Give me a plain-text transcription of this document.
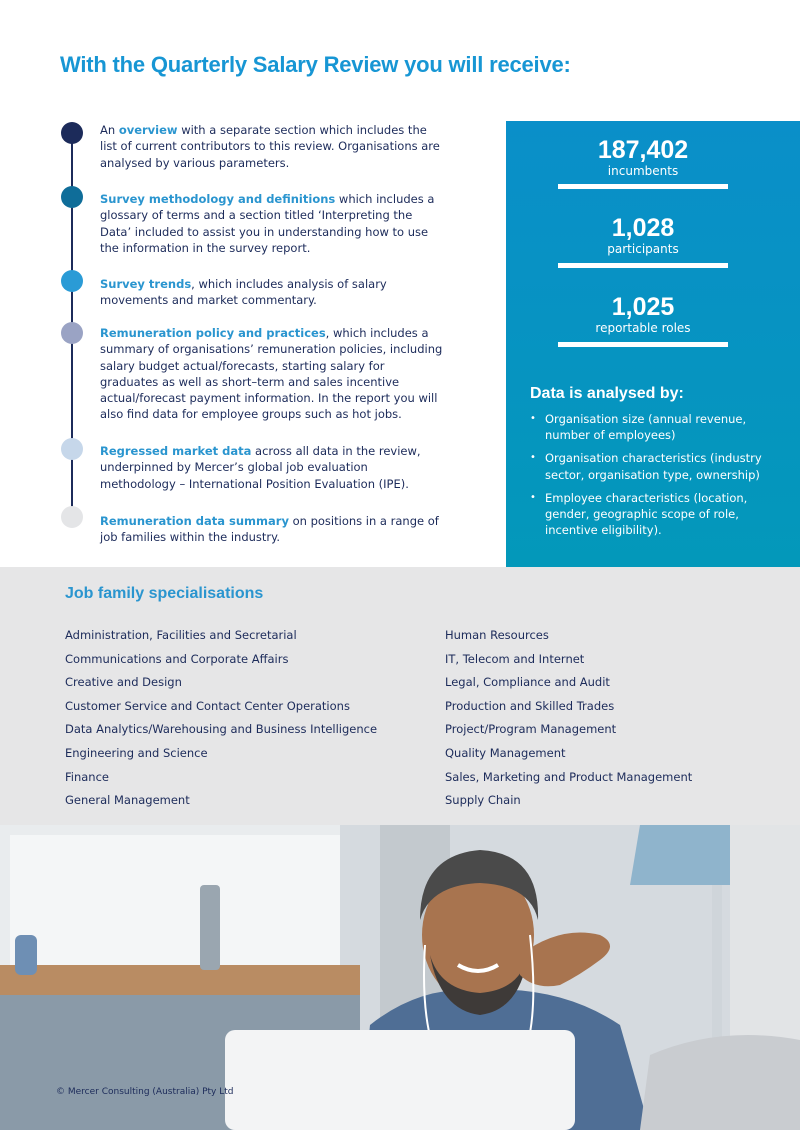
With the Quarterly Salary Review you will receive:

An overview with a separate section which includes the list of current contributors to this review. Organisations are analysed by various parameters.

Survey methodology and definitions which includes a glossary of terms and a section titled ‘Interpreting the Data’ included to assist you in understanding how to use the information in the survey report.

Survey trends, which includes analysis of salary movements and market commentary.

Remuneration policy and practices, which includes a summary of organisations’ remuneration policies, including salary budget actual/forecasts, starting salary for graduates as well as short–term and sales incentive actual/forecast payment information. In the report you will also find data for employee groups such as hot jobs.

Regressed market data across all data in the review, underpinned by Mercer’s global job evaluation methodology – International Position Evaluation (IPE).

Remuneration data summary on positions in a range of job families within the industry.

187,402
incumbents
1,028
participants
1,025
reportable roles
Data is analysed by:
• Organisation size (annual revenue, number of employees)
• Organisation characteristics (industry sector, organisation type, ownership)
• Employee characteristics (location, gender, geographic scope of role, incentive eligibility).
Job family specialisations
Administration, Facilities and Secretarial
Communications and Corporate Affairs
Creative and Design
Customer Service and Contact Center Operations
Data Analytics/Warehousing and Business Intelligence
Engineering and Science
Finance
General Management
Human Resources
IT, Telecom and Internet
Legal, Compliance and Audit
Production and Skilled Trades
Project/Program Management
Quality Management
Sales, Marketing and Product Management
Supply Chain
© Mercer Consulting (Australia) Pty Ltd
